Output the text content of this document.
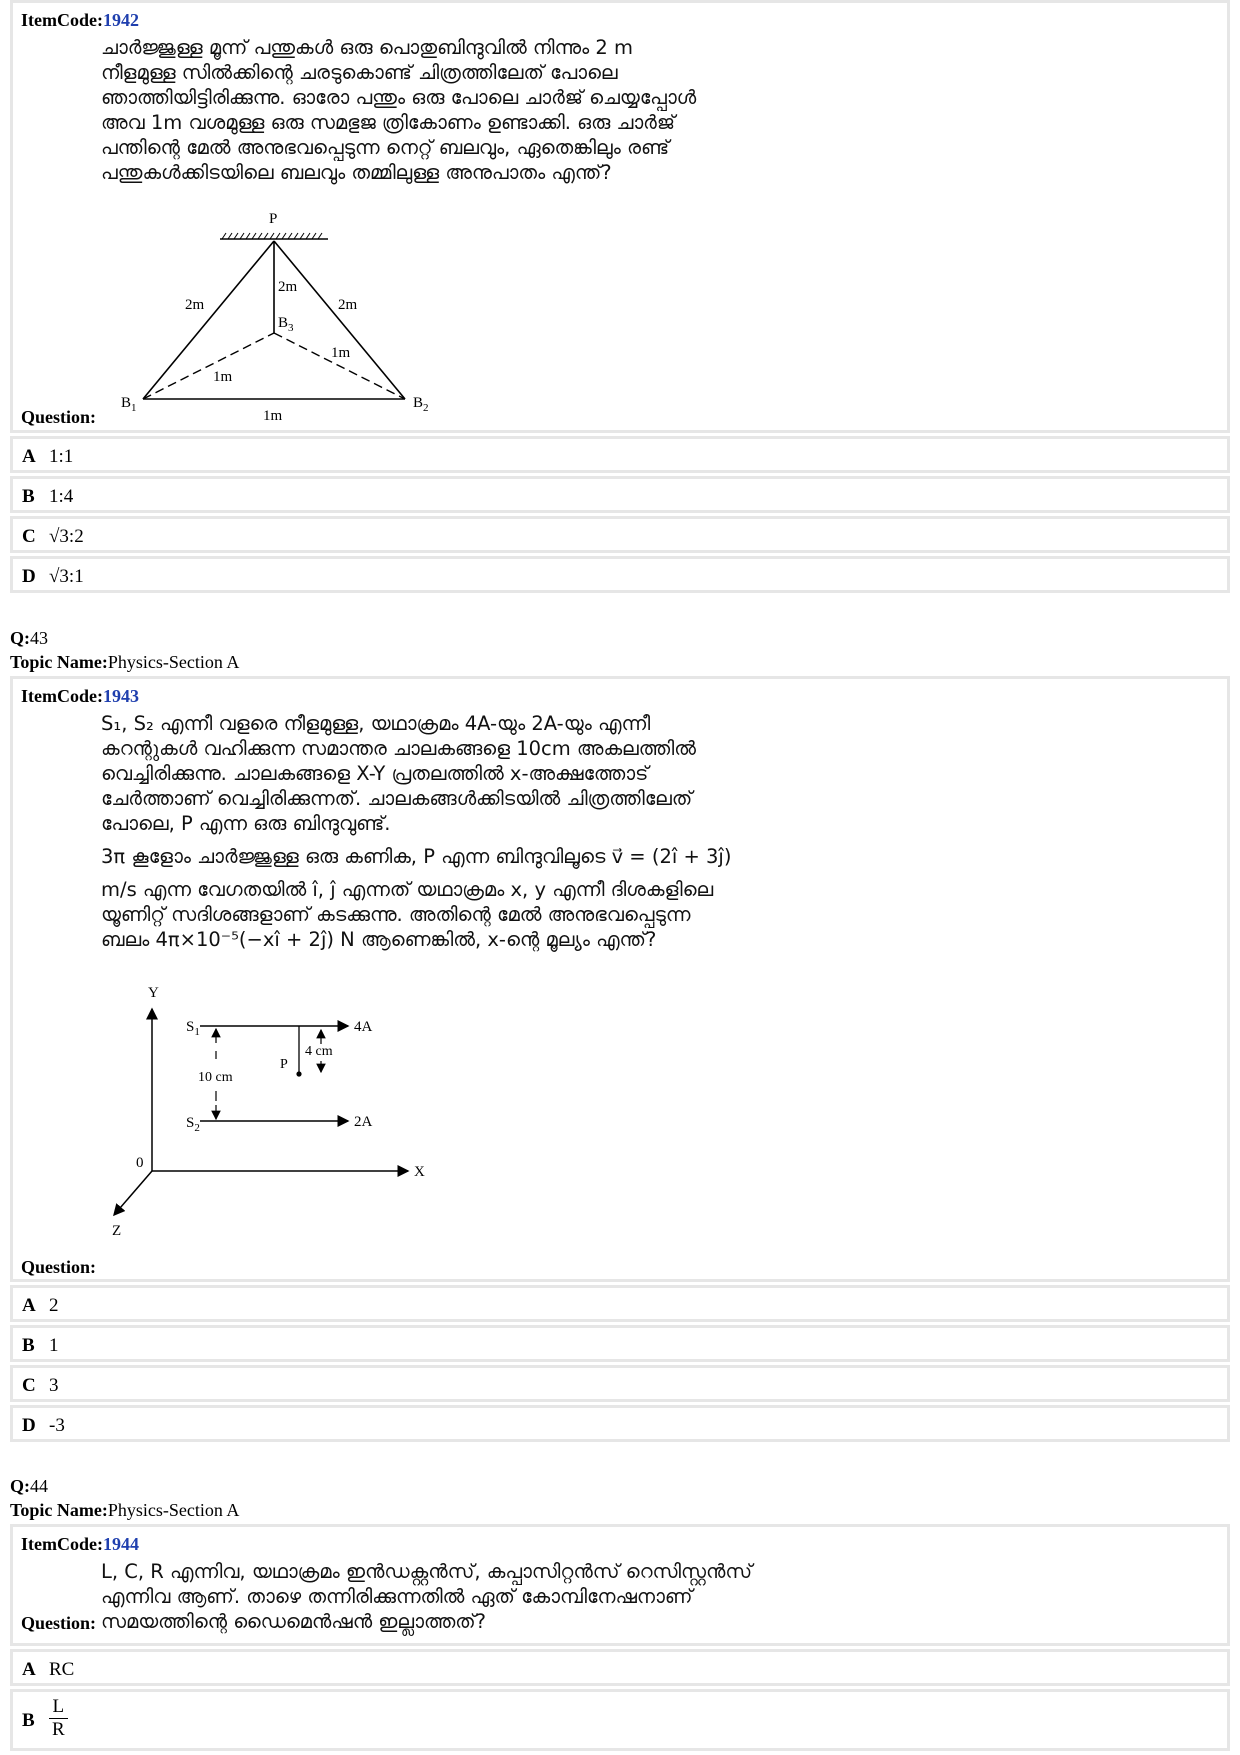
ItemCode:1942

ചാർജ്ജുള്ള മൂന്ന് പന്തുകൾ ഒരു പൊതുബിന്ദുവിൽ നിന്നും 2 m

നീളമുള്ള സിൽക്കിന്റെ ചരടുകൊണ്ട് ചിത്രത്തിലേത് പോലെ

ഞാത്തിയിട്ടിരിക്കുന്നു. ഓരോ പന്തും ഒരു പോലെ ചാർജ് ചെയ്യപ്പോൾ

അവ 1m വശമുള്ള ഒരു സമഭുജ ത്രികോണം ഉണ്ടാക്കി. ഒരു ചാർജ്

പന്തിന്റെ മേൽ അനുഭവപ്പെടുന്ന നെറ്റ് ബലവും, ഏതെങ്കിലും രണ്ട്

പന്തുകൾക്കിടയിലെ ബലവും തമ്മിലുള്ള അനുപാതം എന്ത്?

P
2m
2m
2m
$B_3$
1m
1m
$B_1$	$B_2$
1m
Question:
A 1:1
B 1:4
C √3:2
D √3:1
Q:43
Topic Name:Physics-Section A
ItemCode:1943

S₁, S₂ എന്നീ വളരെ നീളമുള്ള, യഥാക്രമം 4A-യും 2A-യും എന്നീ

കറന്റുകൾ വഹിക്കുന്ന സമാന്തര ചാലകങ്ങളെ 10cm അകലത്തിൽ

വെച്ചിരിക്കുന്നു. ചാലകങ്ങളെ X-Y പ്രതലത്തിൽ x-അക്ഷത്തോട്

ചേർത്താണ് വെച്ചിരിക്കുന്നത്. ചാലകങ്ങൾക്കിടയിൽ ചിത്രത്തിലേത്

പോലെ, P എന്ന ഒരു ബിന്ദുവുണ്ട്.

3π കൂളോം ചാർജ്ജുള്ള ഒരു കണിക, P എന്ന ബിന്ദുവിലൂടെ v⃗ = (2î + 3ĵ)

m/s എന്ന വേഗതയിൽ î, ĵ എന്നത് യഥാക്രമം x, y എന്നീ ദിശകളിലെ

യൂണിറ്റ് സദിശങ്ങളാണ് കടക്കുന്നു. അതിന്റെ മേൽ അനുഭവപ്പെടുന്ന

ബലം 4π×10⁻⁵(−xî + 2ĵ) N ആണെങ്കിൽ, x-ന്റെ മൂല്യം എന്ത്?

Y
X
Z
0
$S_1$
$S_2$
4A
2A
10 cm
P
4 cm
Question:
A 2
B 1
C 3
D -3
Q:44
Topic Name:Physics-Section A
ItemCode:1944

L, C, R എന്നിവ, യഥാക്രമം ഇൻഡക്റ്റൻസ്, കപ്പാസിറ്റൻസ് റെസിസ്റ്റൻസ്

എന്നിവ ആണ്. താഴെ തന്നിരിക്കുന്നതിൽ ഏത് കോമ്പിനേഷനാണ്

സമയത്തിന്റെ ഡൈമെൻഷൻ ഇല്ലാത്തത്?

Question:
A RC
B $\frac{L}{R}$
